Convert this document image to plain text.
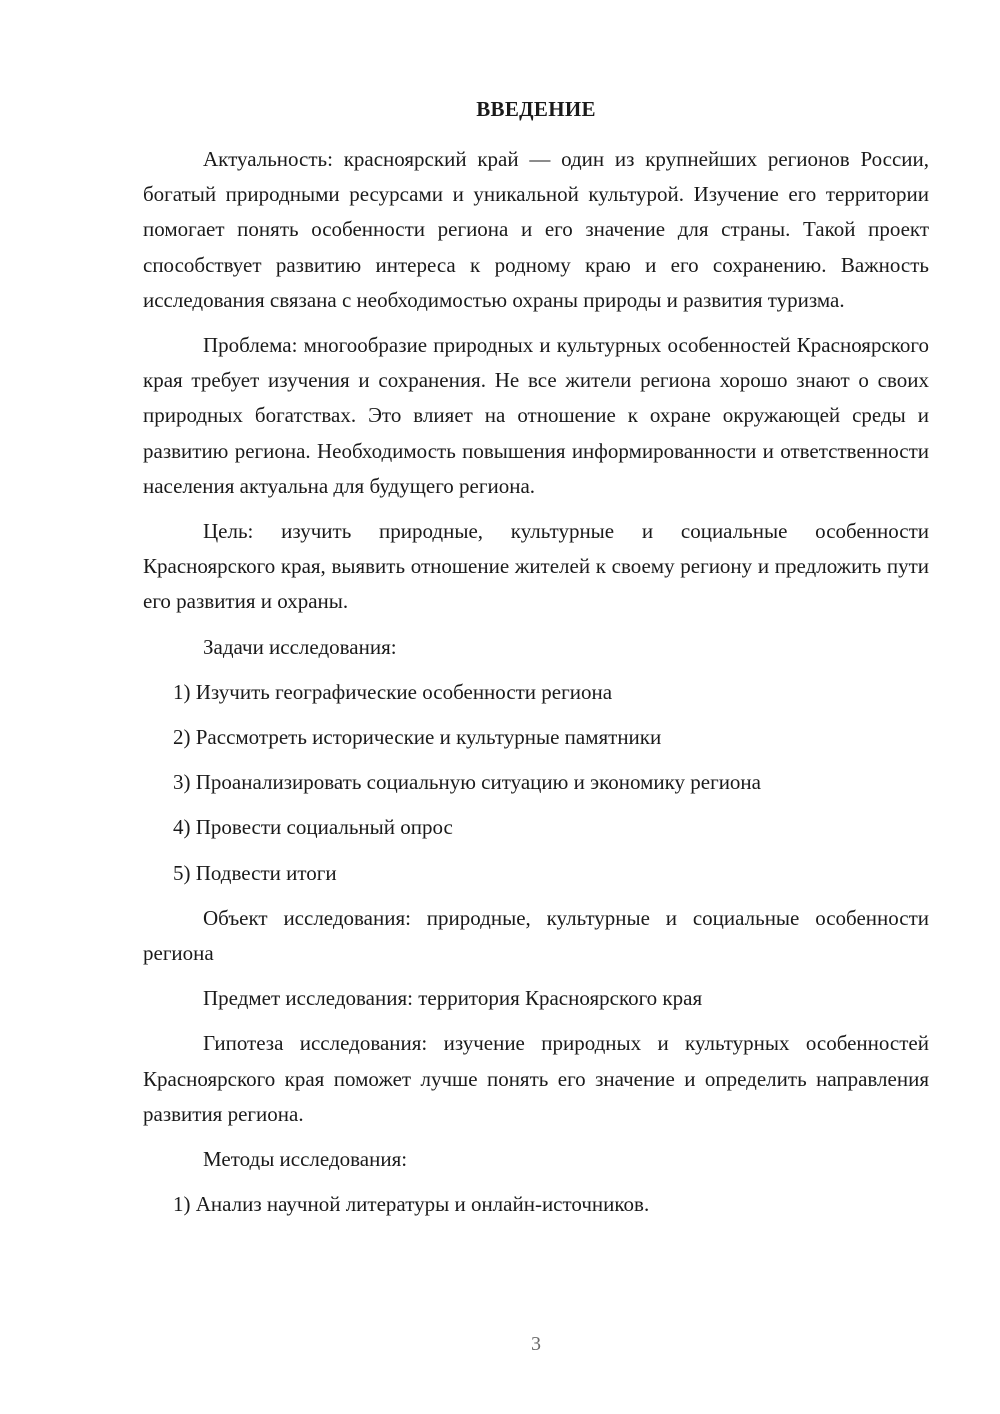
ВВЕДЕНИЕ

Актуальность: красноярский край — один из крупнейших регионов России, богатый природными ресурсами и уникальной культурой. Изучение его территории помогает понять особенности региона и его значение для страны. Такой проект способствует развитию интереса к родному краю и его сохранению. Важность исследования связана с необходимостью охраны природы и развития туризма.

Проблема: многообразие природных и культурных особенностей Красноярского края требует изучения и сохранения. Не все жители региона хорошо знают о своих природных богатствах. Это влияет на отношение к охране окружающей среды и развитию региона. Необходимость повышения информированности и ответственности населения актуальна для будущего региона.

Цель: изучить природные, культурные и социальные особенности Красноярского края, выявить отношение жителей к своему региону и предложить пути его развития и охраны.

Задачи исследования:

1) Изучить географические особенности региона
2) Рассмотреть исторические и культурные памятники
3) Проанализировать социальную ситуацию и экономику региона
4) Провести социальный опрос
5) Подвести итоги

Объект исследования: природные, культурные и социальные особенности региона

Предмет исследования: территория Красноярского края

Гипотеза исследования: изучение природных и культурных особенностей Красноярского края поможет лучше понять его значение и определить направления развития региона.

Методы исследования:

1) Анализ научной литературы и онлайн-источников.
3
